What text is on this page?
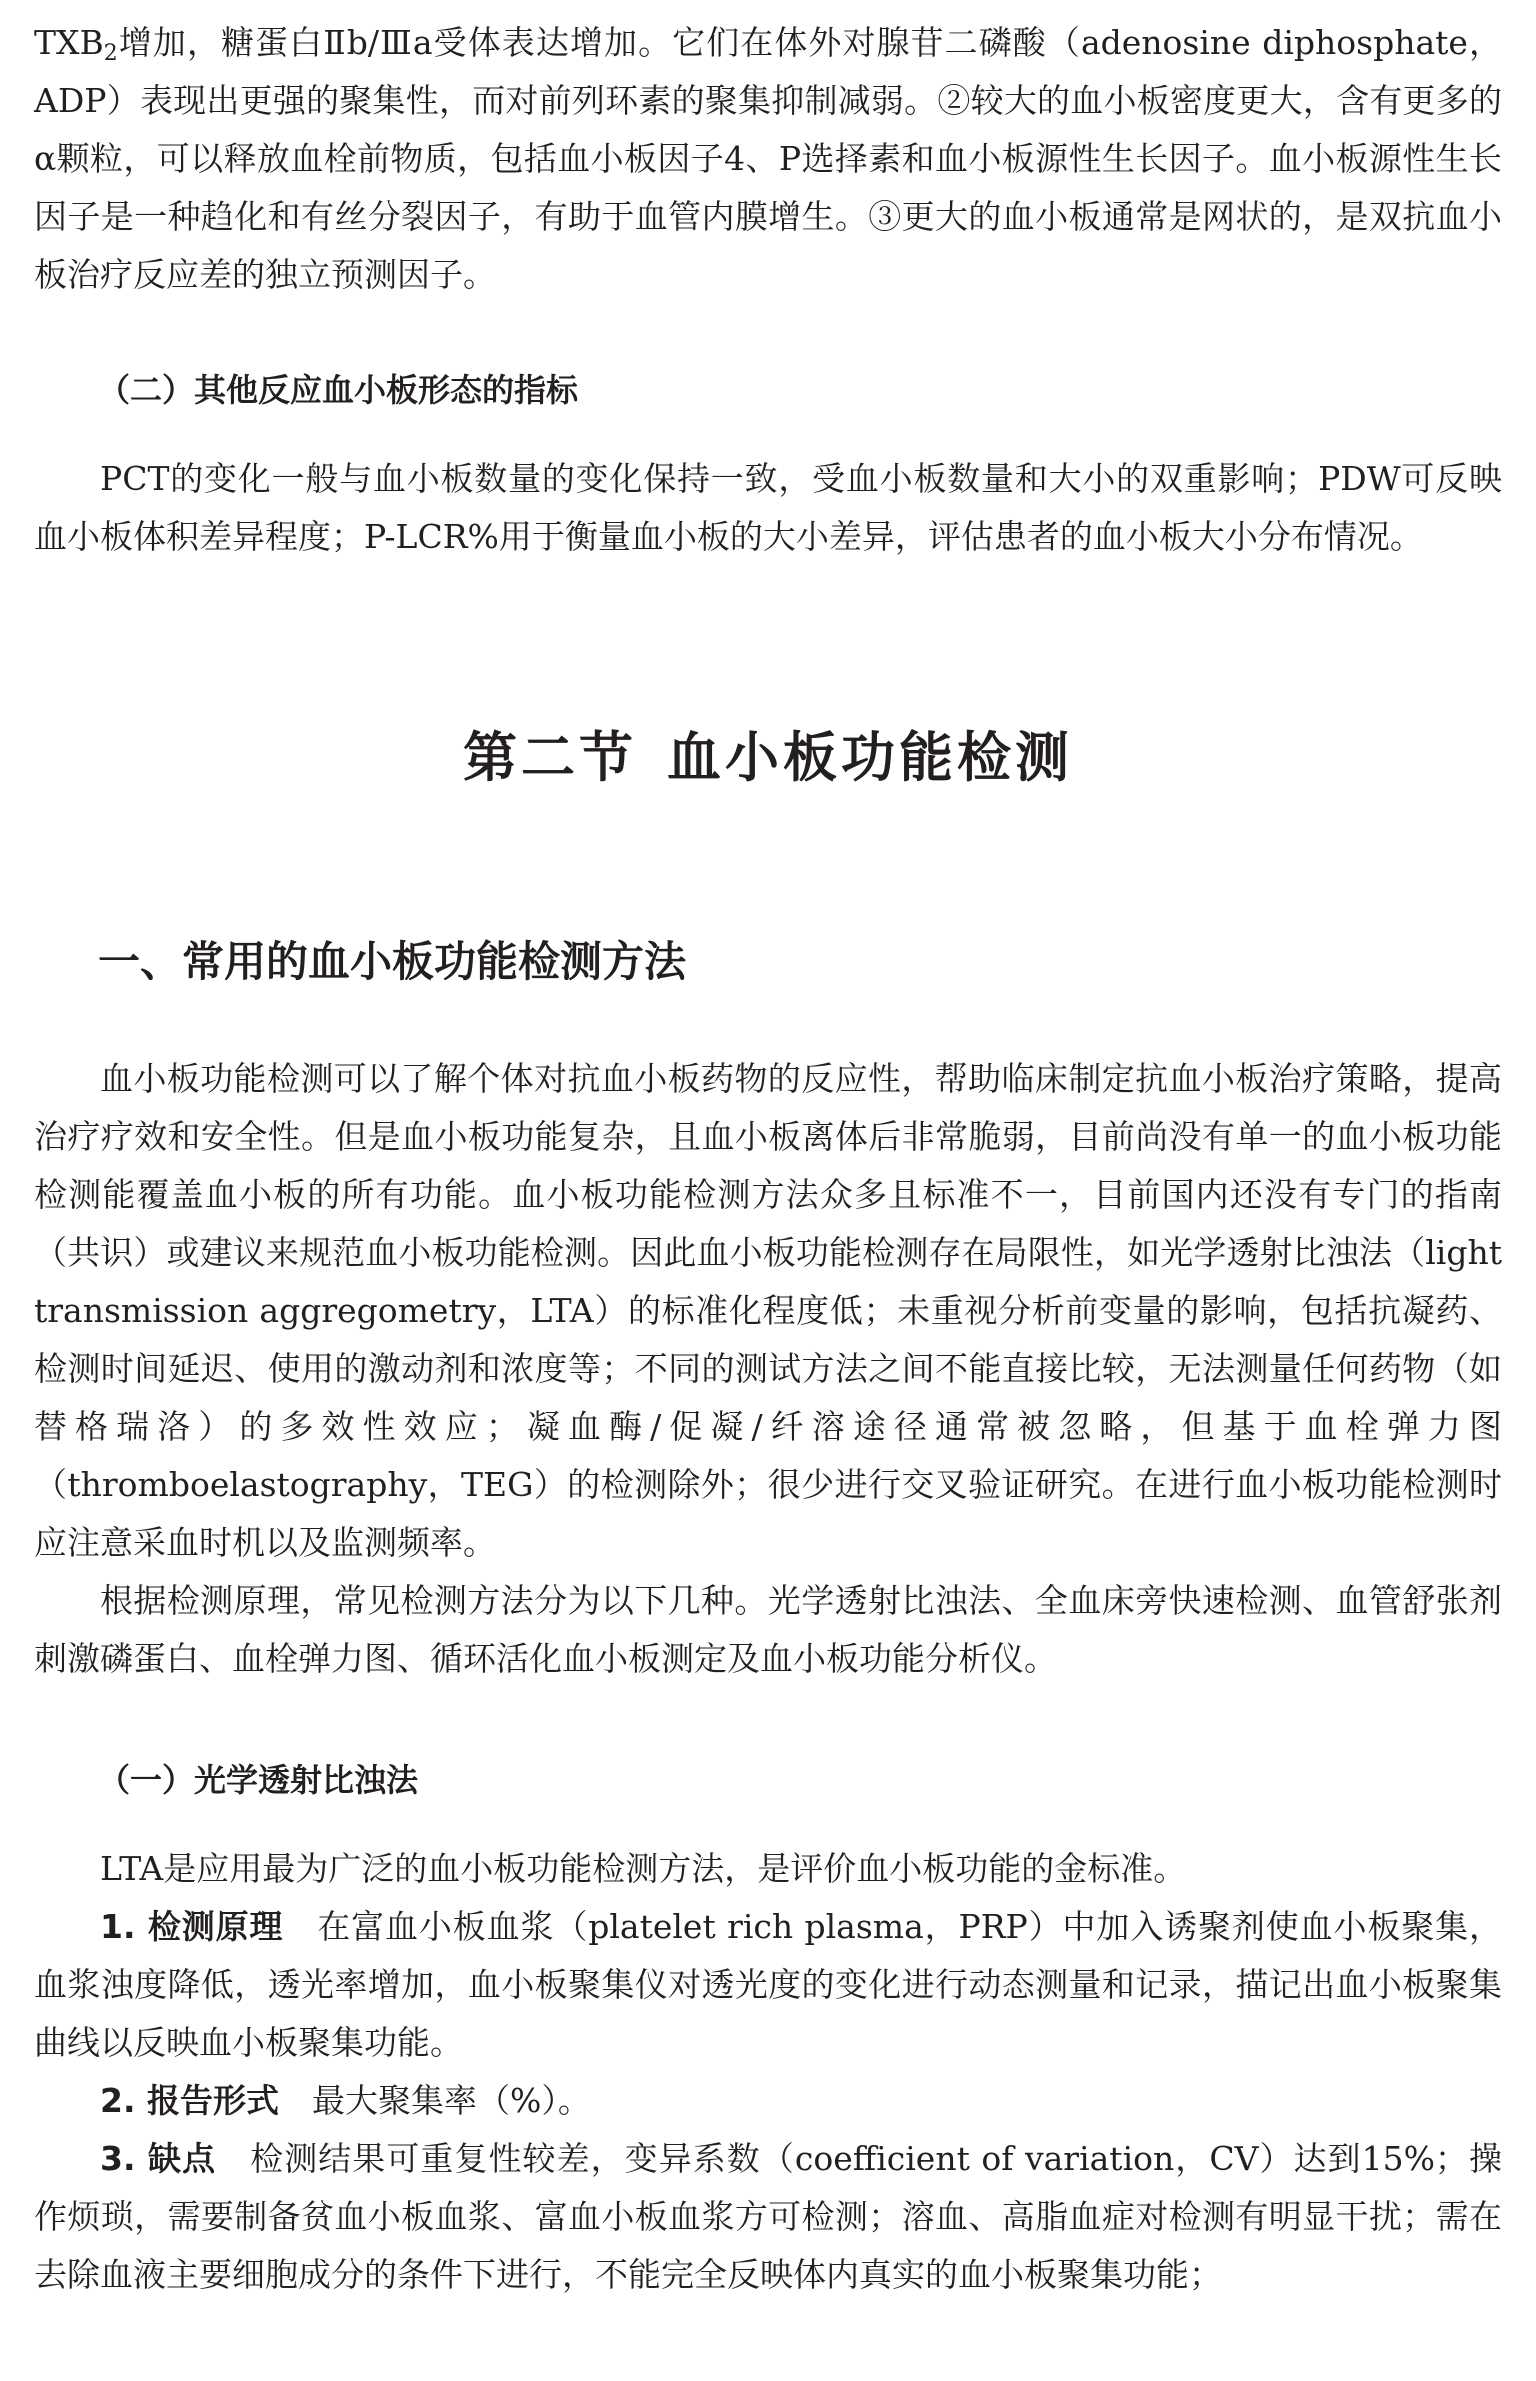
$TXB_2$增加，糖蛋白Ⅱb/Ⅲa受体表达增加。它们在体外对腺苷二磷酸（adenosine diphosphate，ADP）表现出更强的聚集性，而对前列环素的聚集抑制减弱。②较大的血小板密度更大，含有更多的α颗粒，可以释放血栓前物质，包括血小板因子4、P选择素和血小板源性生长因子。血小板源性生长因子是一种趋化和有丝分裂因子，有助于血管内膜增生。③更大的血小板通常是网状的，是双抗血小板治疗反应差的独立预测因子。

（二）其他反应血小板形态的指标

PCT的变化一般与血小板数量的变化保持一致，受血小板数量和大小的双重影响；PDW可反映血小板体积差异程度；P-LCR%用于衡量血小板的大小差异，评估患者的血小板大小分布情况。

第二节 血小板功能检测
一、常用的血小板功能检测方法

血小板功能检测可以了解个体对抗血小板药物的反应性，帮助临床制定抗血小板治疗策略，提高治疗疗效和安全性。但是血小板功能复杂，且血小板离体后非常脆弱，目前尚没有单一的血小板功能检测能覆盖血小板的所有功能。血小板功能检测方法众多且标准不一，目前国内还没有专门的指南（共识）或建议来规范血小板功能检测。因此血小板功能检测存在局限性，如光学透射比浊法（light transmission aggregometry，LTA）的标准化程度低；未重视分析前变量的影响，包括抗凝药、检测时间延迟、使用的激动剂和浓度等；不同的测试方法之间不能直接比较，无法测量任何药物（如替格瑞洛）的多效性效应；凝血酶/促凝/纤溶途径通常被忽略，但基于血栓弹力图（thromboelastography，TEG）的检测除外；很少进行交叉验证研究。在进行血小板功能检测时应注意采血时机以及监测频率。

根据检测原理，常见检测方法分为以下几种。光学透射比浊法、全血床旁快速检测、血管舒张剂刺激磷蛋白、血栓弹力图、循环活化血小板测定及血小板功能分析仪。

（一）光学透射比浊法

LTA是应用最为广泛的血小板功能检测方法，是评价血小板功能的金标准。

1. 检测原理　 在富血小板血浆（platelet rich plasma，PRP）中加入诱聚剂使血小板聚集，血浆浊度降低，透光率增加，血小板聚集仪对透光度的变化进行动态测量和记录，描记出血小板聚集曲线以反映血小板聚集功能。

2. 报告形式　 最大聚集率（%）。

3. 缺点　 检测结果可重复性较差，变异系数（coefficient of variation，CV）达到15%；操作烦琐，需要制备贫血小板血浆、富血小板血浆方可检测；溶血、高脂血症对检测有明显干扰；需在去除血液主要细胞成分的条件下进行，不能完全反映体内真实的血小板聚集功能；
